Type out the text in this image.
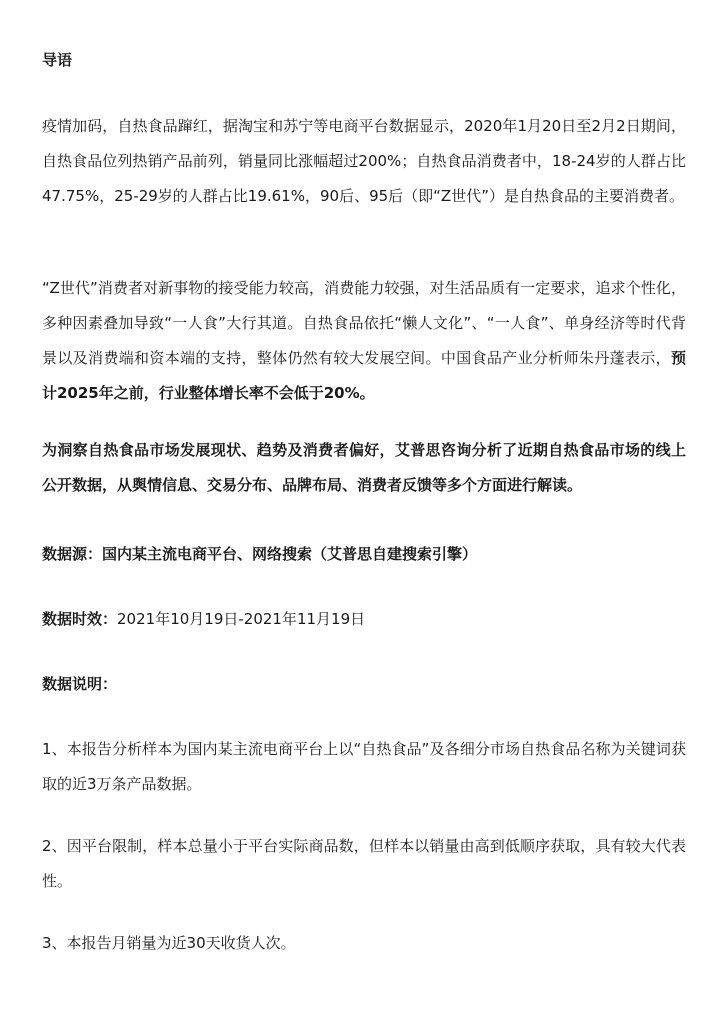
导语

疫情加码，自热食品蹿红，据淘宝和苏宁等电商平台数据显示，2020年1月20日至2月2日期间，自热食品位列热销产品前列，销量同比涨幅超过200%；自热食品消费者中，18-24岁的人群占比47.75%，25-29岁的人群占比19.61%，90后、95后（即“Z世代”）是自热食品的主要消费者。

“Z世代”消费者对新事物的接受能力较高，消费能力较强，对生活品质有一定要求，追求个性化，多种因素叠加导致“一人食”大行其道。自热食品依托“懒人文化”、“一人食”、单身经济等时代背景以及消费端和资本端的支持，整体仍然有较大发展空间。中国食品产业分析师朱丹蓬表示，预计2025年之前，行业整体增长率不会低于20%。

为洞察自热食品市场发展现状、趋势及消费者偏好，艾普思咨询分析了近期自热食品市场的线上公开数据，从舆情信息、交易分布、品牌布局、消费者反馈等多个方面进行解读。

数据源：国内某主流电商平台、网络搜索（艾普思自建搜索引擎）

数据时效：2021年10月19日-2021年11月19日

数据说明：

1、本报告分析样本为国内某主流电商平台上以“自热食品”及各细分市场自热食品名称为关键词获取的近3万条产品数据。

2、因平台限制，样本总量小于平台实际商品数，但样本以销量由高到低顺序获取，具有较大代表性。

3、本报告月销量为近30天收货人次。
